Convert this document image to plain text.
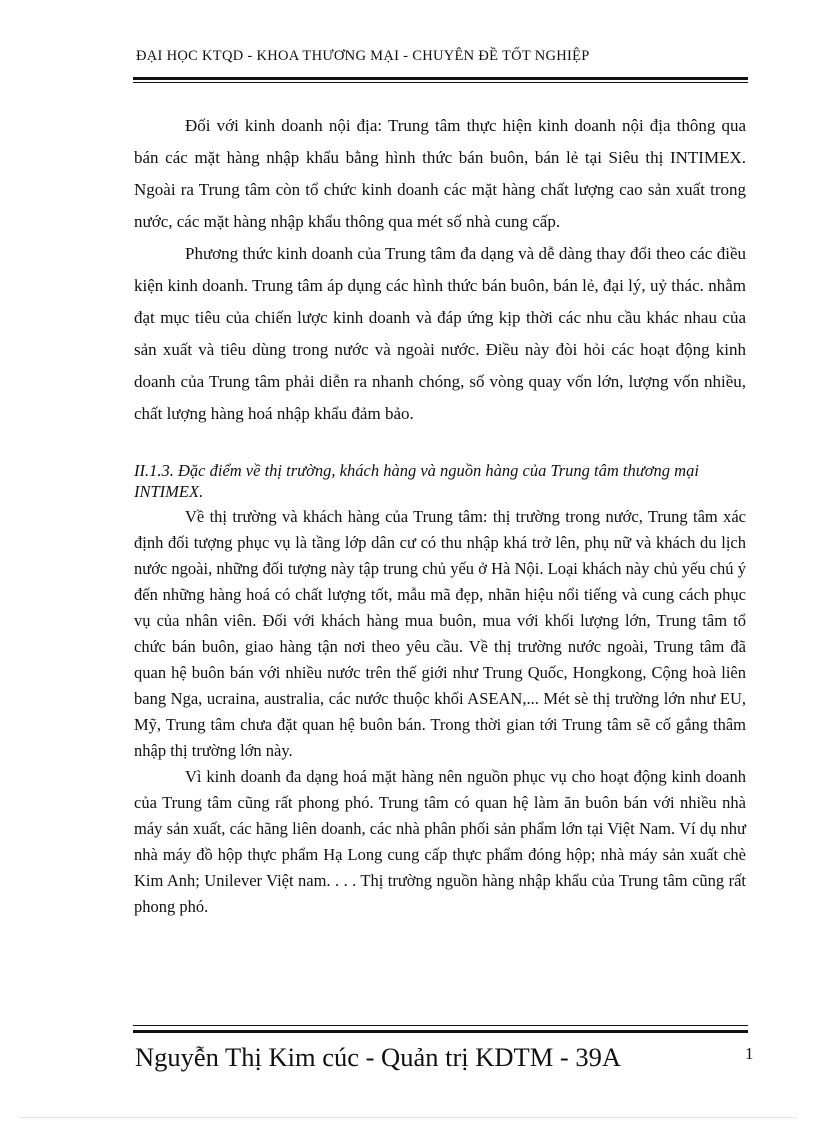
ĐẠI HỌC KTQD - KHOA THƯƠNG MẠI - CHUYÊN ĐỀ TỐT NGHIỆP

Đối với kinh doanh nội địa: Trung tâm thực hiện kinh doanh nội địa thông qua bán các mặt hàng nhập khẩu bằng hình thức bán buôn, bán lẻ tại Siêu thị INTIMEX. Ngoài ra Trung tâm còn tổ chức kinh doanh các mặt hàng chất lượng cao sản xuất trong nước, các mặt hàng nhập khẩu thông qua mét số nhà cung cấp.

Phương thức kinh doanh của Trung tâm đa dạng và dễ dàng thay đổi theo các điều kiện kinh doanh. Trung tâm áp dụng các hình thức bán buôn, bán lẻ, đại lý, uỷ thác. nhằm đạt mục tiêu của chiến lược kinh doanh và đáp ứng kịp thời các nhu cầu khác nhau của sản xuất và tiêu dùng trong nước và ngoài nước. Điều này đòi hỏi các hoạt động kinh doanh của Trung tâm phải diễn ra nhanh chóng, số vòng quay vốn lớn, lượng vốn nhiều, chất lượng hàng hoá nhập khẩu đảm bảo.

II.1.3. Đặc điểm về thị trường, khách hàng và nguồn hàng của Trung tâm thương mại INTIMEX.

Về thị trường và khách hàng của Trung tâm: thị trường trong nước, Trung tâm xác định đối tượng phục vụ là tầng lớp dân cư có thu nhập khá trở lên, phụ nữ và khách du lịch nước ngoài, những đối tượng này tập trung chủ yếu ở Hà Nội. Loại khách này chủ yếu chú ý đến những hàng hoá có chất lượng tốt, mẫu mã đẹp, nhãn hiệu nổi tiếng và cung cách phục vụ của nhân viên. Đối với khách hàng mua buôn, mua với khối lượng lớn, Trung tâm tổ chức bán buôn, giao hàng tận nơi theo yêu cầu. Về thị trường nước ngoài, Trung tâm đã quan hệ buôn bán với nhiều nước trên thế giới như Trung Quốc, Hongkong, Cộng hoà liên bang Nga, ucraina, australia, các nước thuộc khối ASEAN,... Mét sè thị trường lớn như EU, Mỹ, Trung tâm chưa đặt quan hệ buôn bán. Trong thời gian tới Trung tâm sẽ cố gắng thâm nhập thị trường lớn này.

Vì kinh doanh đa dạng hoá mặt hàng nên nguồn phục vụ cho hoạt động kinh doanh của Trung tâm cũng rất phong phó. Trung tâm có quan hệ làm ăn buôn bán với nhiều nhà máy sản xuất, các hãng liên doanh, các nhà phân phối sản phẩm lớn tại Việt Nam. Ví dụ như nhà máy đồ hộp thực phẩm Hạ Long cung cấp thực phẩm đóng hộp; nhà máy sản xuất chè Kim Anh; Unilever Việt nam. . . . Thị trường nguồn hàng nhập khẩu của Trung tâm cũng rất phong phó.

Nguyễn Thị Kim cúc - Quản trị KDTM - 39A	1
